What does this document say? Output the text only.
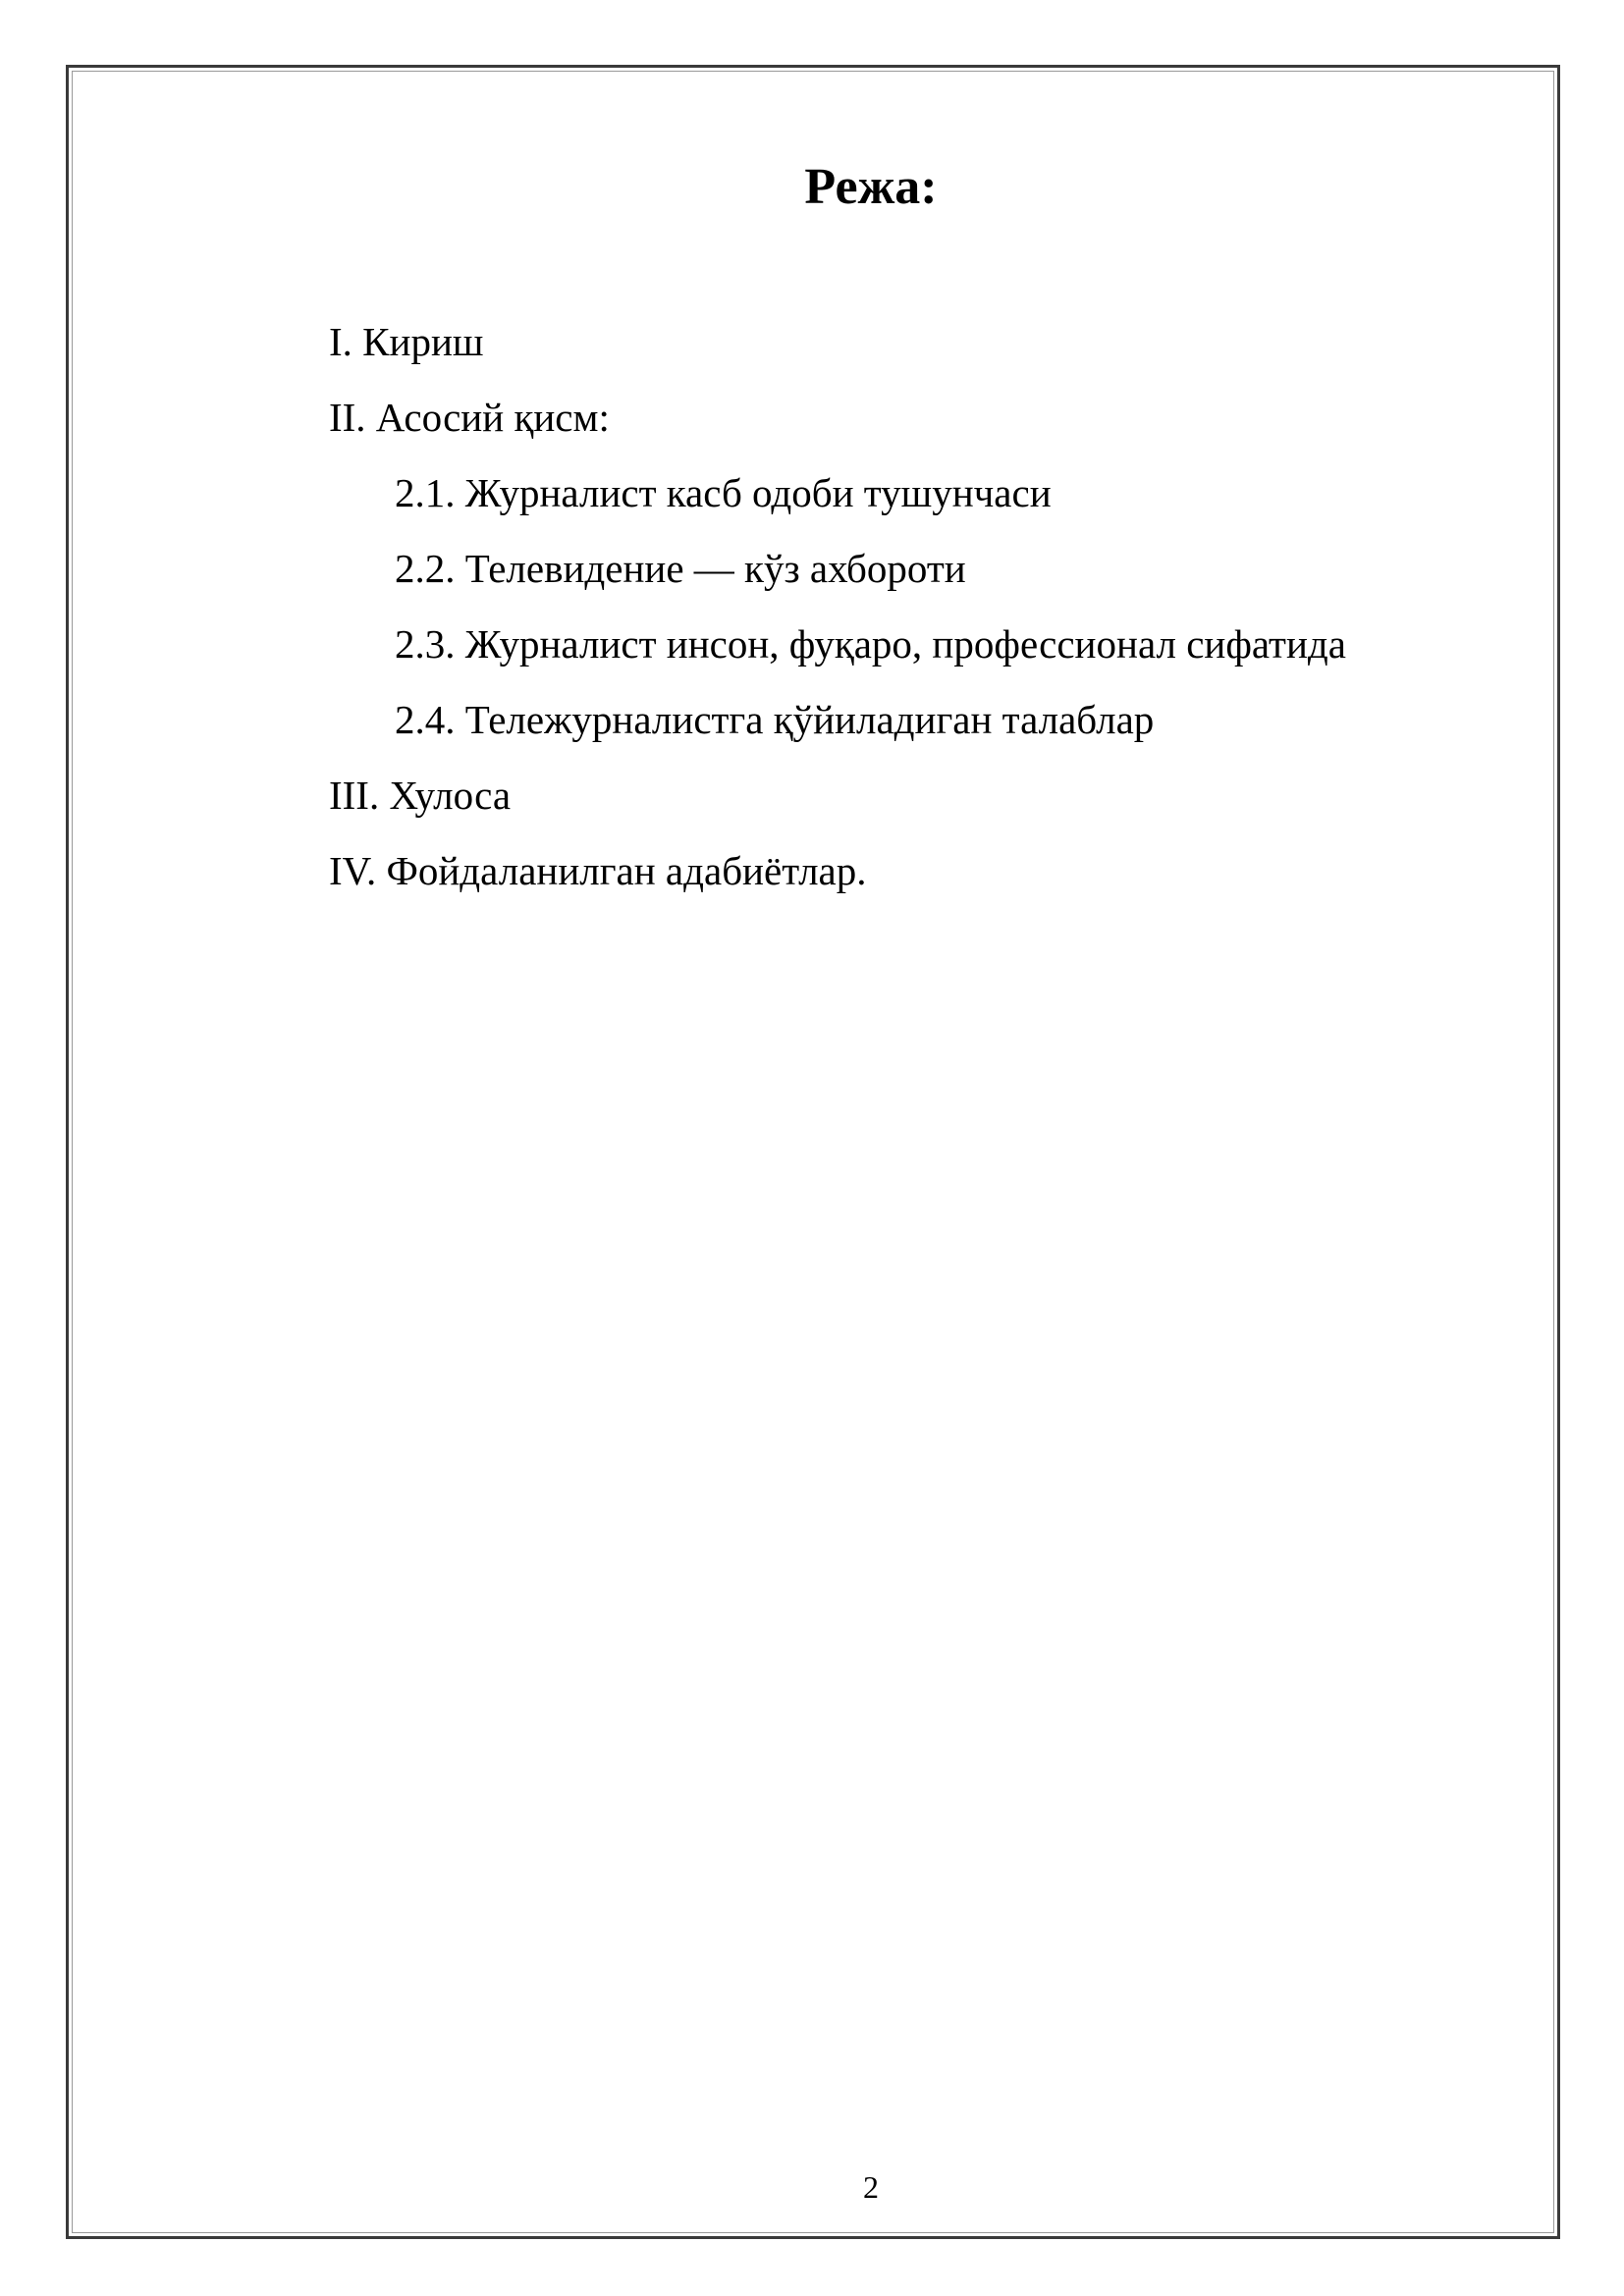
Режа:
I. Кириш
II. Асосий қисм:
2.1. Журналист касб одоби тушунчаси
2.2. Телевидение — кўз ахбороти
2.3. Журналист инсон, фуқаро, профессионал сифатида
2.4. Тележурналистга қўйиладиган талаблар
III. Хулоса
IV. Фойдаланилган адабиётлар.
2
